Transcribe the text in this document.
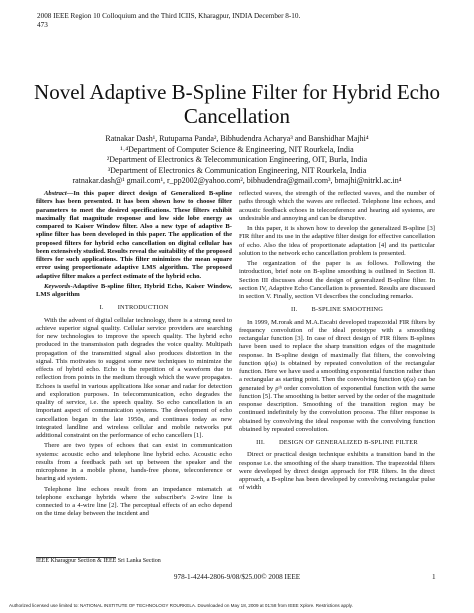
2008 IEEE Region 10 Colloquium and the Third ICIIS, Kharagpur, INDIA December 8-10.
473
Novel Adaptive B-Spline Filter for Hybrid Echo
Cancellation
Ratnakar Dash¹, Rutuparna Panda², Bibhudendra Acharya³ and Banshidhar Majhi⁴
¹˒⁴Department of Computer Science & Engineering, NIT Rourkela, India
²Department of Electronics & Telecommunication Engineering, OIT, Burla, India
³Department of Electronics & Communication Engineering, NIT Rourkela, India
ratnakar.dash@¹ gmail.com¹, r_pp2002@yahoo.com², bibhudendra@gmail.com³, bmajhi@nitrkl.ac.in⁴

Abstract—In this paper direct design of Generalized B-spline filters has been presented. It has been shown how to choose filter parameters to meet the desired specifications. These filters exhibit maximally flat magnitude response and low side lobe energy as compared to Kaiser Window filter. Also a new type of adaptive B-spline filter has been developed in this paper. The application of the proposed filters for hybrid echo cancellation on digital cellular has been extensively studied. Results reveal the suitability of the proposed filters for such applications. This filter minimizes the mean square error using proportionate adaptive LMS algorithm. The proposed adaptive filter makes a perfect estimate of the hybrid echo.

Keywords-Adaptive B-spline filter, Hybrid Echo, Kaiser Window, LMS algorithm

I. INTRODUCTION

With the advent of digital cellular technology, there is a strong need to achieve superior signal quality. Cellular service providers are searching for new technologies to improve the speech quality. The hybrid echo produced in the transmission path degrades the voice quality. Multipath propagation of the transmitted signal also produces distortion in the signal. This motivates to suggest some new techniques to minimize the effects of hybrid echo. Echo is the repetition of a waveform due to reflection from points in the medium through which the wave propagates. Echoes is useful in various applications like sonar and radar for detection and exploration purposes. In telecommunication, echo degrades the quality of service, i.e. the speech quality. So echo cancellation is an important aspect of communication systems. The development of echo cancellation began in the late 1950s, and continues today as new integrated landline and wireless cellular and mobile networks put additional constraint on the performance of echo cancellers [1].

There are two types of echoes that can exist in communication systems: acoustic echo and telephone line hybrid echo. Acoustic echo results from a feedback path set up between the speaker and the microphone in a mobile phone, hands-free phone, teleconference or hearing aid system.

Telephone line echoes result from an impedance mismatch at telephone exchange hybrids where the subscriber's 2-wire line is connected to a 4-wire line [2]. The perceptual effects of an echo depend on the time delay between the incident and

reflected waves, the strength of the reflected waves, and the number of paths through which the waves are reflected. Telephone line echoes, and acoustic feedback echoes in teleconference and hearing aid systems, are undesirable and annoying and can be disruptive.

In this paper, it is shown how to develop the generalized B-spline [3] FIR filter and its use in the adaptive filter design for effective cancellation of echo. Also the idea of proportionate adaptation [4] and its particular solution to the network echo cancellation problem is presented.

The organization of the paper is as follows. Following the introduction, brief note on B-spline smoothing is outlined in Section II. Section III discusses about the design of generalized B-spline filter. In section IV, Adaptive Echo Cancellation is presented. Results are discussed in section V. Finally, section VI describes the concluding remarks.

II. B-SPLINE SMOOTHING

In 1999, M.rorak and M.A.Escabi developed trapezoidal FIR filters by frequency convolution of the ideal prototype with a smoothing rectangular function [3]. In case of direct design of FIR filters B-splines have been used to replace the sharp transition edges of the magnitude response. In B-spline design of maximally flat filters, the convolving function ψ(ω) is obtained by repeated convolution of the rectangular function. Here we have used a smoothing exponential function rather than a rectangular as starting point. Then the convolving function ψ(ω) can be generated by ρᵗʰ order convolution of exponential function with the same function [5]. The smoothing is better served by the order of the magnitude response description. Smoothing of the transition region may be continued indefinitely by the convolution process. The filter response is obtained by convolving the ideal response with the convolving function obtained by repeated convolution.

III. DESIGN OF GENERALIZED B-SPLINE FILTER

Direct or practical design technique exhibits a transition band in the response i.e. the smoothing of the sharp transition. The trapezoidal filters were developed by direct design approach for FIR filters. In the direct approach, a B-spline has been developed by convolving rectangular pulse of width

IEEE Kharagpur Section & IEEE Sri Lanka Section
978-1-4244-2806-9/08/$25.00© 2008 IEEE	1
Authorized licensed use limited to: NATIONAL INSTITUTE OF TECHNOLOGY ROURKELA. Downloaded on May 18, 2009 at 01:58 from IEEE Xplore. Restrictions apply.
